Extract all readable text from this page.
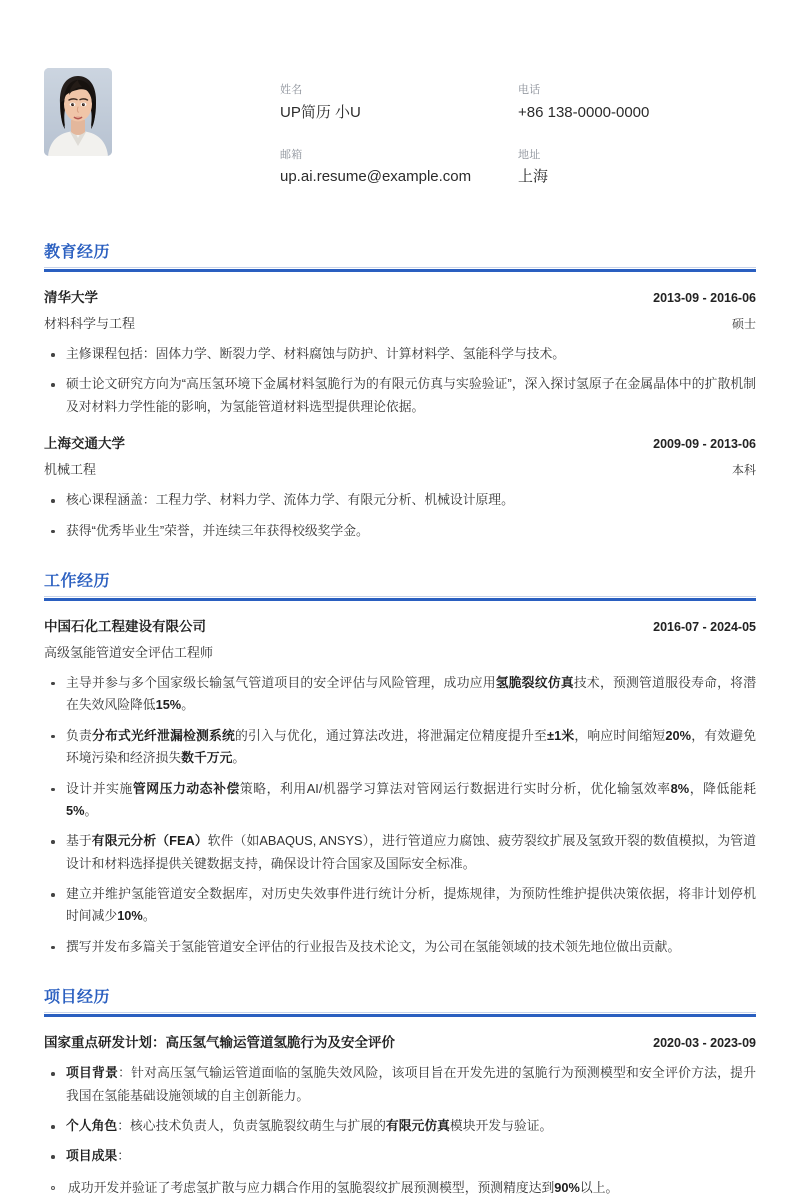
姓名
UP简历 小U
电话
+86 138-0000-0000
邮箱
up.ai.resume@example.com
地址
上海
教育经历
清华大学	2013-09 - 2016-06
材料科学与工程	硕士
主修课程包括：固体力学、断裂力学、材料腐蚀与防护、计算材料学、氢能科学与技术。
硕士论文研究方向为“高压氢环境下金属材料氢脆行为的有限元仿真与实验验证”，深入探讨氢原子在金属晶体中的扩散机制及对材料力学性能的影响，为氢能管道材料选型提供理论依据。
上海交通大学	2009-09 - 2013-06
机械工程	本科
核心课程涵盖：工程力学、材料力学、流体力学、有限元分析、机械设计原理。
获得“优秀毕业生”荣誉，并连续三年获得校级奖学金。
工作经历
中国石化工程建设有限公司	2016-07 - 2024-05
高级氢能管道安全评估工程师
主导并参与多个国家级长输氢气管道项目的安全评估与风险管理，成功应用氢脆裂纹仿真技术，预测管道服役寿命，将潜在失效风险降低15%。
负责分布式光纤泄漏检测系统的引入与优化，通过算法改进，将泄漏定位精度提升至±1米，响应时间缩短20%，有效避免环境污染和经济损失数千万元。
设计并实施管网压力动态补偿策略，利用AI/机器学习算法对管网运行数据进行实时分析，优化输氢效率8%，降低能耗5%。
基于有限元分析（FEA）软件（如ABAQUS, ANSYS），进行管道应力腐蚀、疲劳裂纹扩展及氢致开裂的数值模拟，为管道设计和材料选择提供关键数据支持，确保设计符合国家及国际安全标准。
建立并维护氢能管道安全数据库，对历史失效事件进行统计分析，提炼规律，为预防性维护提供决策依据，将非计划停机时间减少10%。
撰写并发布多篇关于氢能管道安全评估的行业报告及技术论文，为公司在氢能领域的技术领先地位做出贡献。
项目经历
国家重点研发计划：高压氢气输运管道氢脆行为及安全评价	2020-03 - 2023-09
项目背景：针对高压氢气输运管道面临的氢脆失效风险，该项目旨在开发先进的氢脆行为预测模型和安全评价方法，提升我国在氢能基础设施领域的自主创新能力。
个人角色：核心技术负责人，负责氢脆裂纹萌生与扩展的有限元仿真模块开发与验证。
项目成果：
成功开发并验证了考虑氢扩散与应力耦合作用的氢脆裂纹扩展预测模型，预测精度达到90%以上。
